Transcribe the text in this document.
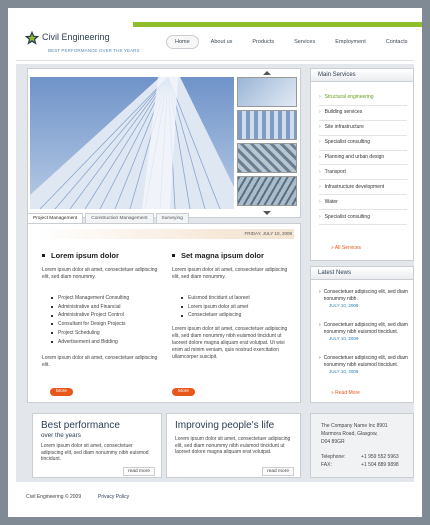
Civil Engineering
BEST PERFORMANCE OVER THE YEARS
Home	About us	Products	Services	Employment	Contacts
Project Management	Construction Management	Surveying
FRIDAY, JULY 10, 2009
Lorem ipsum dolor
Lorem ipsum dolor sit amet, consectetuer adipiscing elit, sed diam nonummy.
Project Management Consulting
Administrative and Financial
Administrative Project Control
Consultant for Design Projects
Project Scheduling
Advertisement and Bidding
Lorem ipsum dolor sit amet, consectetuer adipiscing elit.
More
Set magna ipsum dolor
Lorem ipsum dolor sit amet, consectetuer adipiscing elit, sed diam nonummy.
Euismod tincidunt ut laoreet
Lorem ipsum dolor sit amet
Consectetuer adipiscing
Lorem ipsum dolor sit amet, consectetuer adipiscing elit, sed diam nonummy nibh euismod tincidunt ut laoreet dolore magna aliquam erat volutpat. Ut wisi enim ad minim veniam, quis nostrud exercitation ullamcorper suscipit.
More
Best performance
over the years
Lorem ipsum dolor sit amet, consectetuer adipiscing elit, sed diam nonummy nibh euismod tincidunt.
read more
Improving people's life
Lorem ipsum dolor sit amet, consectetuer adipiscing elit, sed diam nonummy nibh euismod tincidunt ut laoreet dolore magna aliquam erat volutpat.
read more
Main Services
› Structural engineering
› Building services
› Site infrastructure
› Specialist consulting
› Planning and urban design
› Transport
› Infrastructure development
› Water
› Specialist consulting
» All Services
Latest News
› Consectetuer adipiscing elit, sed diam nonummy nibh.
JULY 10, 2009
› Consectetuer adipiscing elit, sed diam nonummy nibh euismod tincidunt.
JULY 10, 2009
› Consectetuer adipiscing elit, sed diam nonummy nibh euismod tincidunt.
JULY 10, 2009
» Read More
The Company Name Inc 8901
Marmora Road, Glasgow,
D04 89GR
Telephone:	+1 959 552 5963
FAX:	+1 504 889 9898
Civil Engineering © 2009	Privacy Policy
